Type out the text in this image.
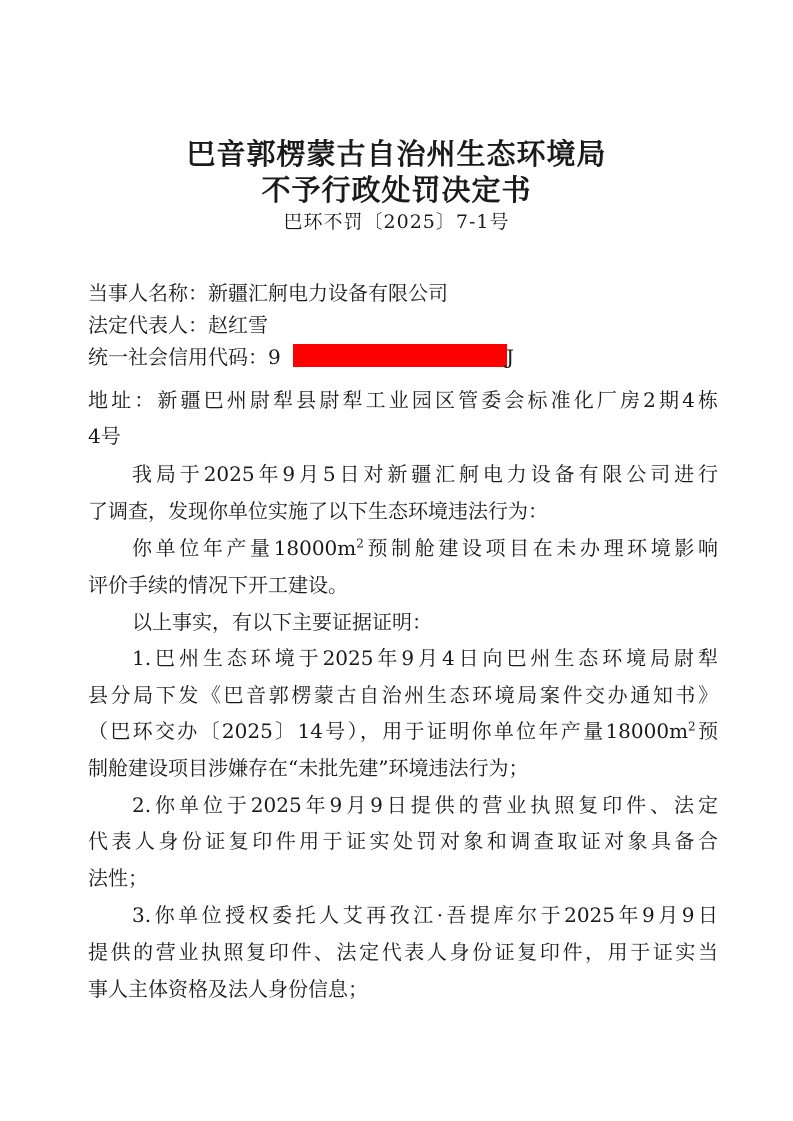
巴音郭楞蒙古自治州生态环境局
不予行政处罚决定书
巴环不罚〔2025〕7-1号
当事人名称：新疆汇舸电力设备有限公司
法定代表人：赵红雪
统一社会信用代码：9	J
地址：新疆巴州尉犁县尉犁工业园区管委会标准化厂房2期4栋
4号
我局于2025年9月5日对新疆汇舸电力设备有限公司进行
了调查，发现你单位实施了以下生态环境违法行为：
你单位年产量$18000m^2$预制舱建设项目在未办理环境影响
评价手续的情况下开工建设。
以上事实，有以下主要证据证明：
1.巴州生态环境于2025年9月4日向巴州生态环境局尉犁
县分局下发《巴音郭楞蒙古自治州生态环境局案件交办通知书》
（巴环交办〔2025〕14号），用于证明你单位年产量$18000m^2$预
制舱建设项目涉嫌存在“未批先建”环境违法行为；
2.你单位于2025年9月9日提供的营业执照复印件、法定
代表人身份证复印件用于证实处罚对象和调查取证对象具备合
法性；
3.你单位授权委托人艾再孜江·吾提库尔于2025年9月9日
提供的营业执照复印件、法定代表人身份证复印件，用于证实当
事人主体资格及法人身份信息；
